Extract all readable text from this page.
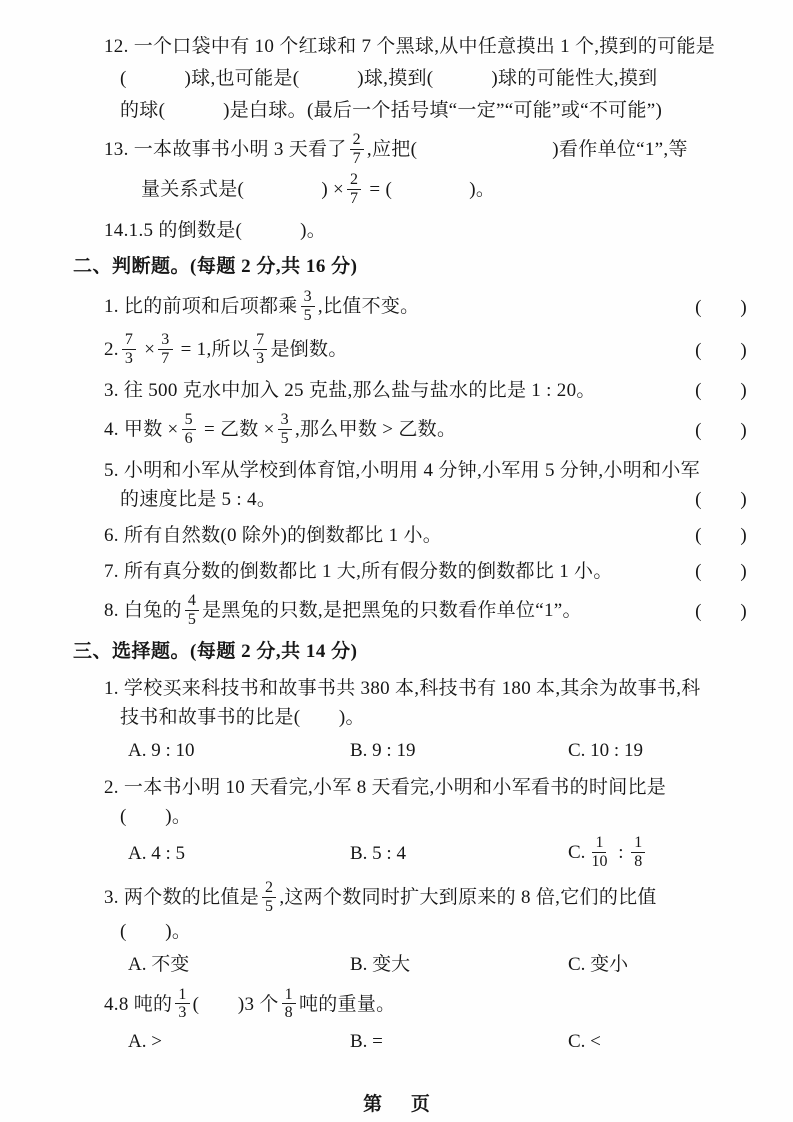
12. 一个口袋中有 10 个红球和 7 个黑球,从中任意摸出 1 个,摸到的可能是
(　　　)球,也可能是(　　　)球,摸到(　　　)球的可能性大,摸到
的球(　　　)是白球。(最后一个括号填“一定”“可能”或“不可能”)
13. 一本故事书小明 3 天看了 $\frac{2}{7}$ ,应把(　　　　　　　)看作单位“1”,等
量关系式是(　　　　) × $\frac{2}{7}$ = (　　　　)。
14.1.5 的倒数是(　　　)。
二、判断题。(每题 2 分,共 16 分)
1. 比的前项和后项都乘 $\frac{3}{5}$ ,比值不变。	(　　)
2. $\frac{7}{3} \times \frac{3}{7} = 1$,所以 $\frac{7}{3}$ 是倒数。	(　　)
3. 往 500 克水中加入 25 克盐,那么盐与盐水的比是 1 : 20。	(　　)
4. 甲数 × $\frac{5}{6}$ = 乙数 × $\frac{3}{5}$ ,那么甲数 > 乙数。	(　　)
5. 小明和小军从学校到体育馆,小明用 4 分钟,小军用 5 分钟,小明和小军
的速度比是 5 : 4。	(　　)
6. 所有自然数(0 除外)的倒数都比 1 小。	(　　)
7. 所有真分数的倒数都比 1 大,所有假分数的倒数都比 1 小。	(　　)
8. 白兔的 $\frac{4}{5}$ 是黑兔的只数,是把黑兔的只数看作单位“1”。	(　　)
三、选择题。(每题 2 分,共 14 分)
1. 学校买来科技书和故事书共 380 本,科技书有 180 本,其余为故事书,科
技书和故事书的比是(　　)。
A. 9 : 10	B. 9 : 19	C. 10 : 19
2. 一本书小明 10 天看完,小军 8 天看完,小明和小军看书的时间比是
(　　)。
A. 4 : 5	B. 5 : 4	C. $\frac{1}{10}$ : $\frac{1}{8}$
3. 两个数的比值是 $\frac{2}{5}$ ,这两个数同时扩大到原来的 8 倍,它们的比值
(　　)。
A. 不变	B. 变大	C. 变小
4.8 吨的 $\frac{1}{3}$ (　　)3 个 $\frac{1}{8}$ 吨的重量。
A. >	B. =	C. <
第 页
